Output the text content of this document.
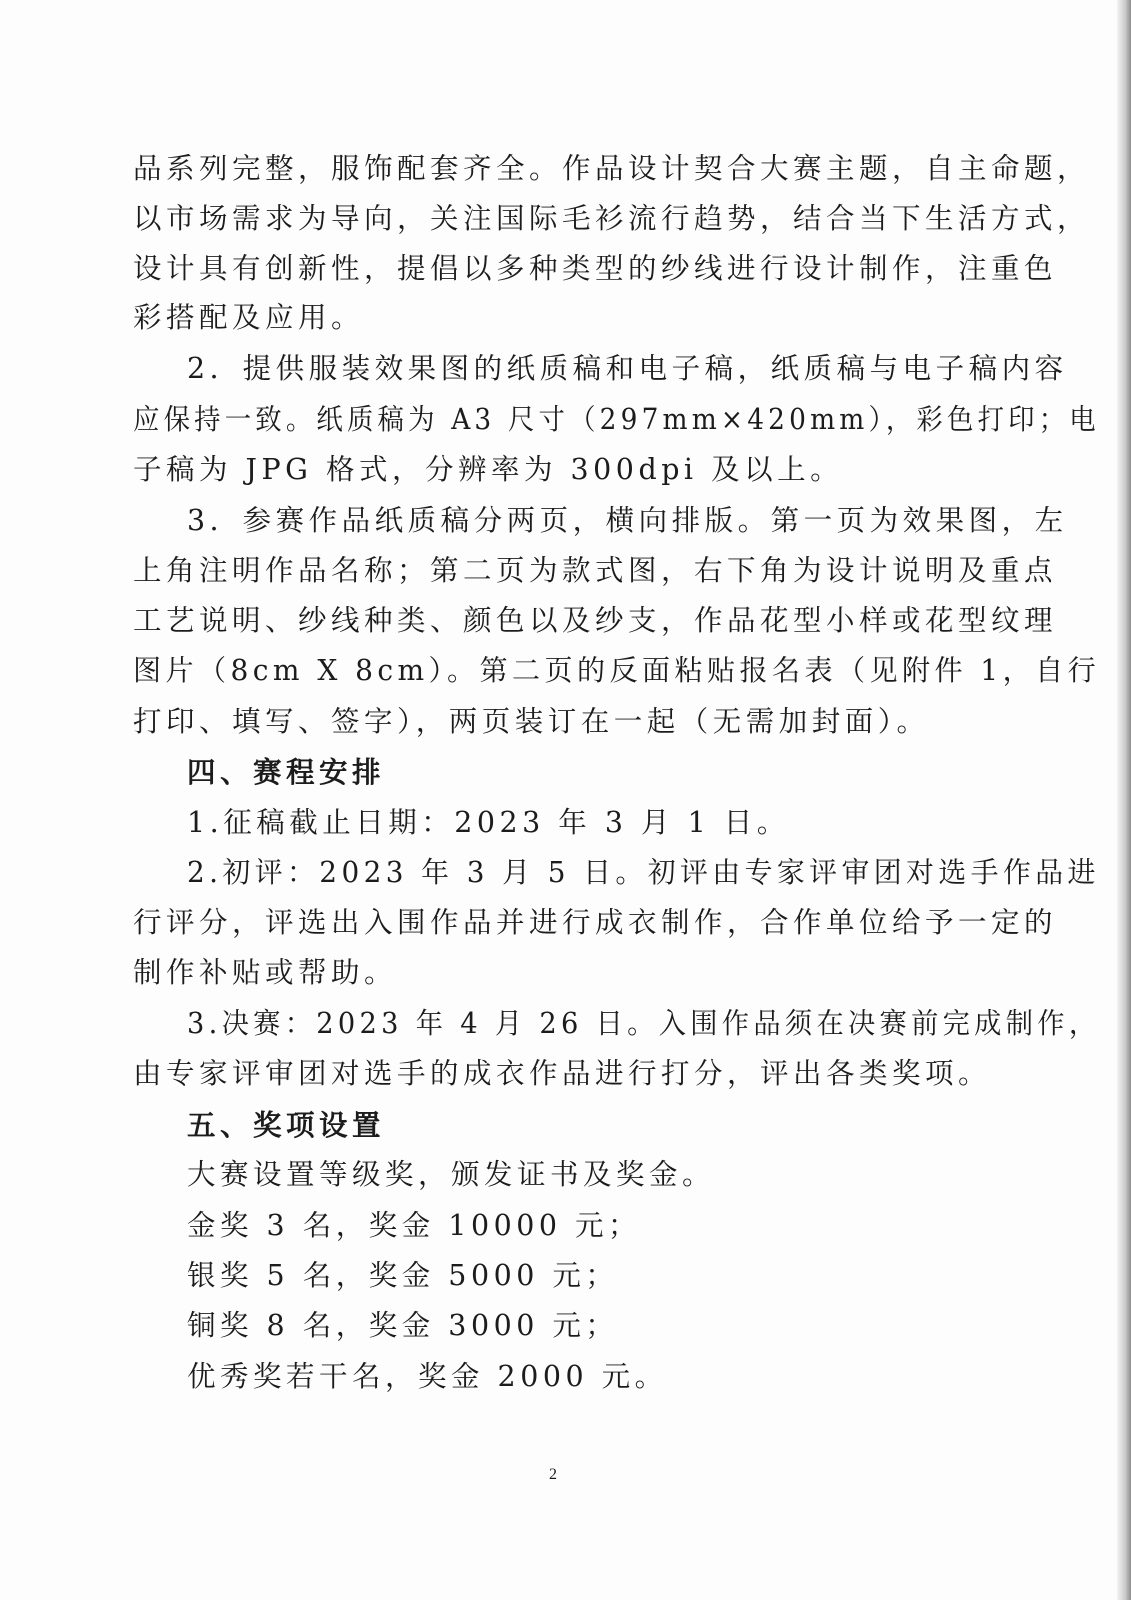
品系列完整，服饰配套齐全。作品设计契合大赛主题，自主命题，
以市场需求为导向，关注国际毛衫流行趋势，结合当下生活方式，
设计具有创新性，提倡以多种类型的纱线进行设计制作，注重色
彩搭配及应用。
2．提供服装效果图的纸质稿和电子稿，纸质稿与电子稿内容
应保持一致。纸质稿为 A3 尺寸（297mm×420mm），彩色打印；电
子稿为 JPG 格式，分辨率为 300dpi 及以上。
3．参赛作品纸质稿分两页，横向排版。第一页为效果图，左
上角注明作品名称；第二页为款式图，右下角为设计说明及重点
工艺说明、纱线种类、颜色以及纱支，作品花型小样或花型纹理
图片（8cm X 8cm）。第二页的反面粘贴报名表（见附件 1，自行
打印、填写、签字），两页装订在一起（无需加封面）。
四、赛程安排
1.征稿截止日期：2023 年 3 月 1 日。
2.初评：2023 年 3 月 5 日。初评由专家评审团对选手作品进
行评分，评选出入围作品并进行成衣制作，合作单位给予一定的
制作补贴或帮助。
3.决赛：2023 年 4 月 26 日。入围作品须在决赛前完成制作，
由专家评审团对选手的成衣作品进行打分，评出各类奖项。
五、奖项设置
大赛设置等级奖，颁发证书及奖金。
金奖 3 名，奖金 10000 元；
银奖 5 名，奖金 5000 元；
铜奖 8 名，奖金 3000 元；
优秀奖若干名，奖金 2000 元。
2
